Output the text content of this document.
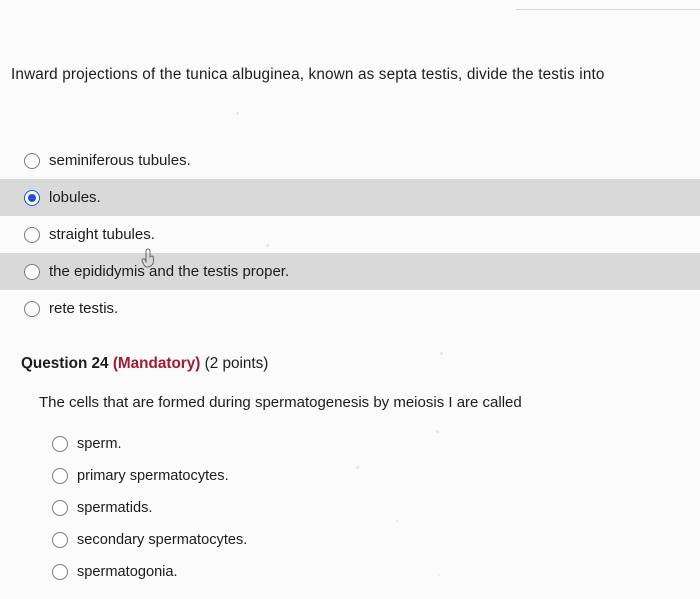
Inward projections of the tunica albuginea, known as septa testis, divide the testis into
seminiferous tubules.
lobules.
straight tubules.
the epididymis and the testis proper.
rete testis.
Question 24 (Mandatory) (2 points)
The cells that are formed during spermatogenesis by meiosis I are called
sperm.
primary spermatocytes.
spermatids.
secondary spermatocytes.
spermatogonia.
